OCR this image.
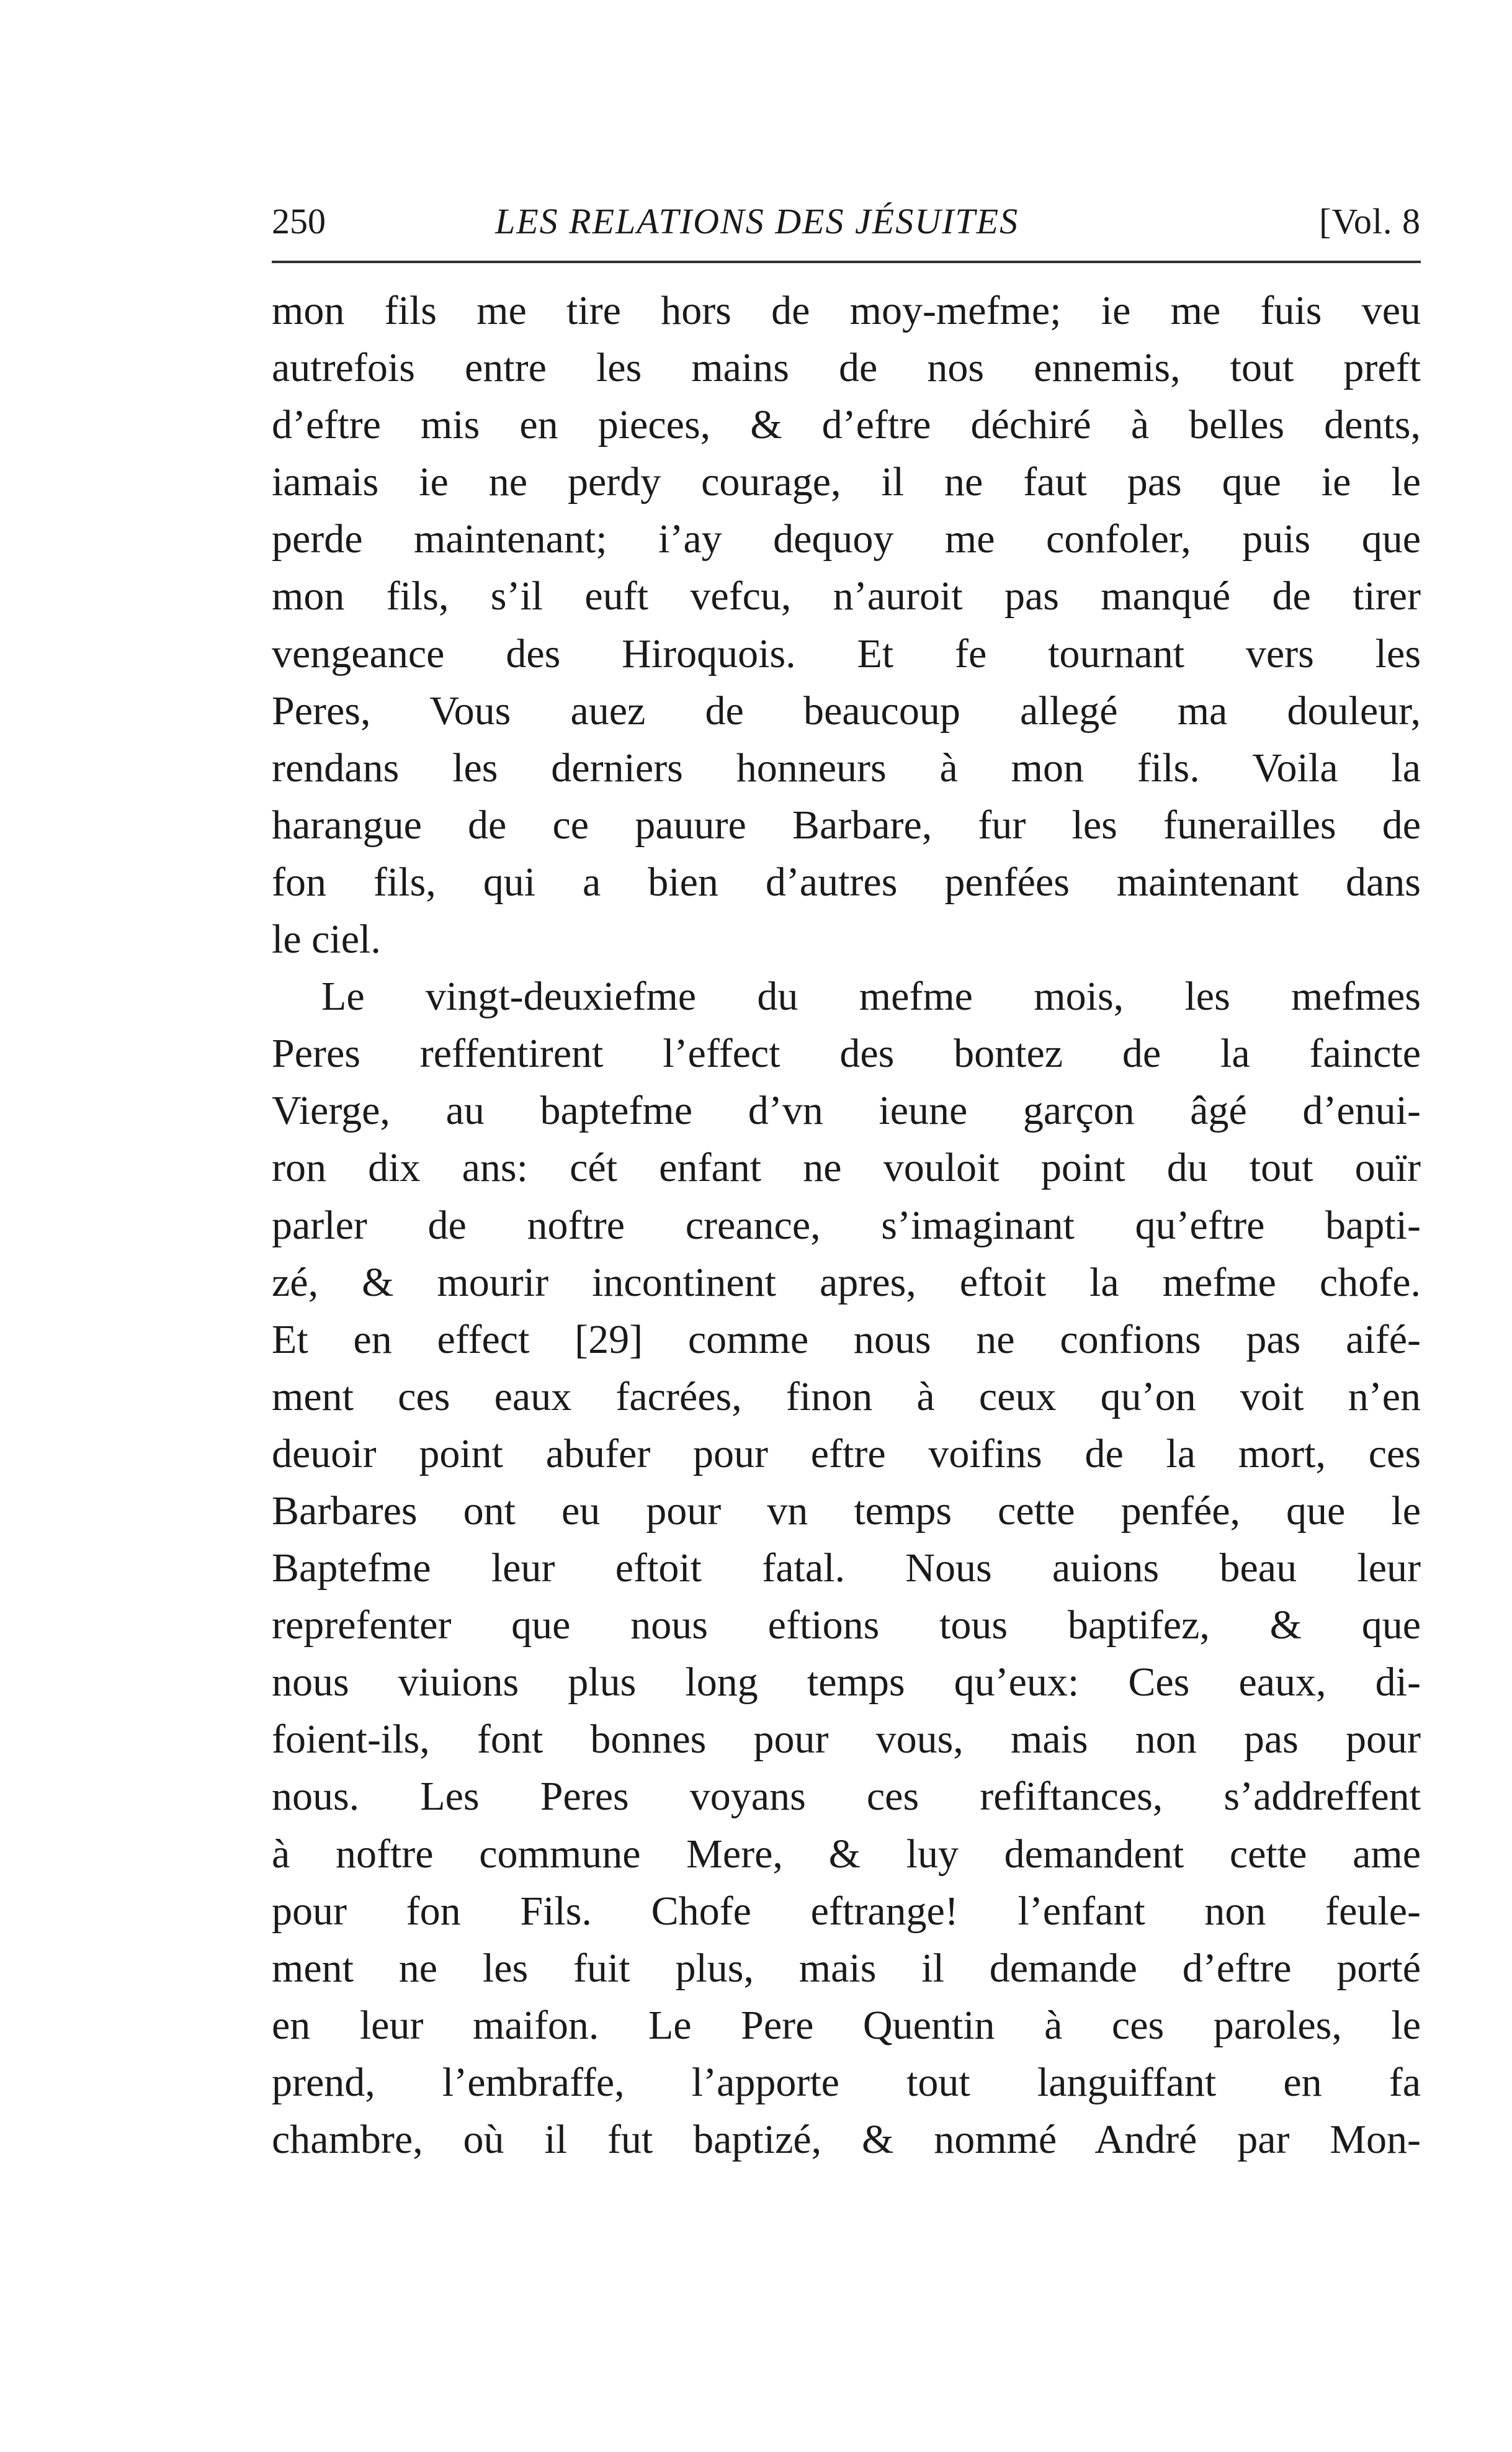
250	LES RELATIONS DES JÉSUITES	[Vol. 8
mon fils me tire hors de moy-mefme; ie me fuis veu
autrefois entre les mains de nos ennemis, tout preft
d’eftre mis en pieces, & d’eftre déchiré à belles dents,
iamais ie ne perdy courage, il ne faut pas que ie le
perde maintenant; i’ay dequoy me confoler, puis que
mon fils, s’il euft vefcu, n’auroit pas manqué de tirer
vengeance des Hiroquois. Et fe tournant vers les
Peres, Vous auez de beaucoup allegé ma douleur,
rendans les derniers honneurs à mon fils. Voila la
harangue de ce pauure Barbare, fur les funerailles de
fon fils, qui a bien d’autres penfées maintenant dans
le ciel.
Le vingt-deuxiefme du mefme mois, les mefmes
Peres reffentirent l’effect des bontez de la faincte
Vierge, au baptefme d’vn ieune garçon âgé d’enui-
ron dix ans: cét enfant ne vouloit point du tout ouïr
parler de noftre creance, s’imaginant qu’eftre bapti-
zé, & mourir incontinent apres, eftoit la mefme chofe.
Et en effect [29] comme nous ne confions pas aifé-
ment ces eaux facrées, finon à ceux qu’on voit n’en
deuoir point abufer pour eftre voifins de la mort, ces
Barbares ont eu pour vn temps cette penfée, que le
Baptefme leur eftoit fatal. Nous auions beau leur
reprefenter que nous eftions tous baptifez, & que
nous viuions plus long temps qu’eux: Ces eaux, di-
foient-ils, font bonnes pour vous, mais non pas pour
nous. Les Peres voyans ces refiftances, s’addreffent
à noftre commune Mere, & luy demandent cette ame
pour fon Fils. Chofe eftrange! l’enfant non feule-
ment ne les fuit plus, mais il demande d’eftre porté
en leur maifon. Le Pere Quentin à ces paroles, le
prend, l’embraffe, l’apporte tout languiffant en fa
chambre, où il fut baptizé, & nommé André par Mon-
